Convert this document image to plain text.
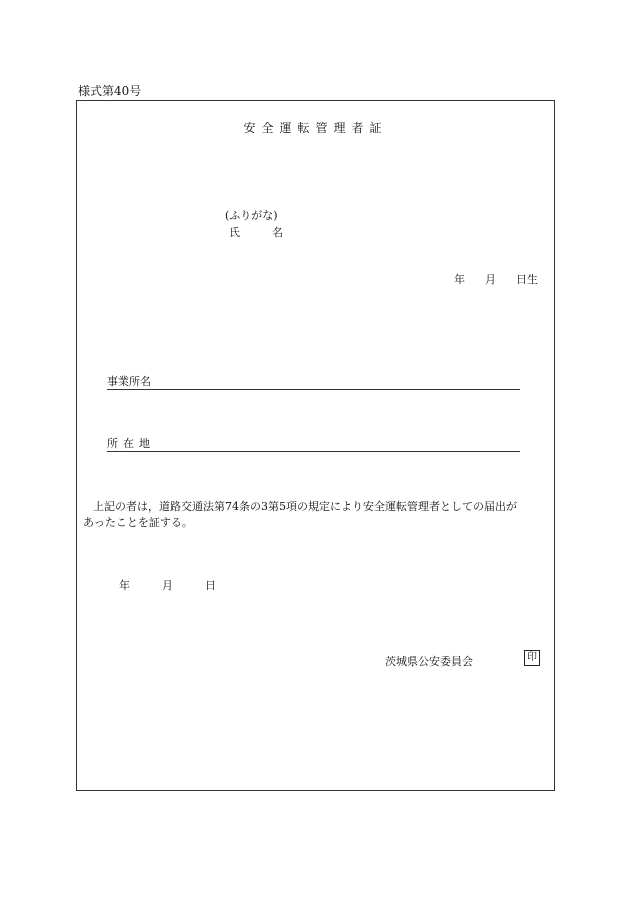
様式第40号
安全運転管理者証
(ふりがな)
氏名
年 月 日生
事業所名
所在地

上記の者は，道路交通法第74条の3第5項の規定により安全運転管理者としての届出が

あったことを証する。

年	月	日
茨城県公安委員会	印
